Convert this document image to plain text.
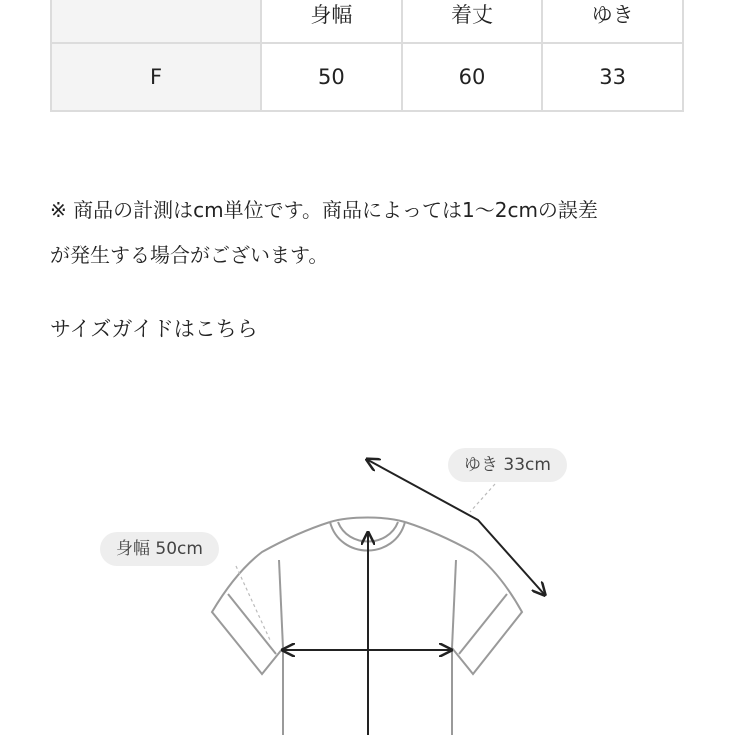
	身幅	着丈	ゆき
F	50	60	33
※ 商品の計測はcm単位です。商品によっては1〜2cmの誤差
が発生する場合がございます。
サイズガイドはこちら
ゆき 33cm
身幅 50cm
